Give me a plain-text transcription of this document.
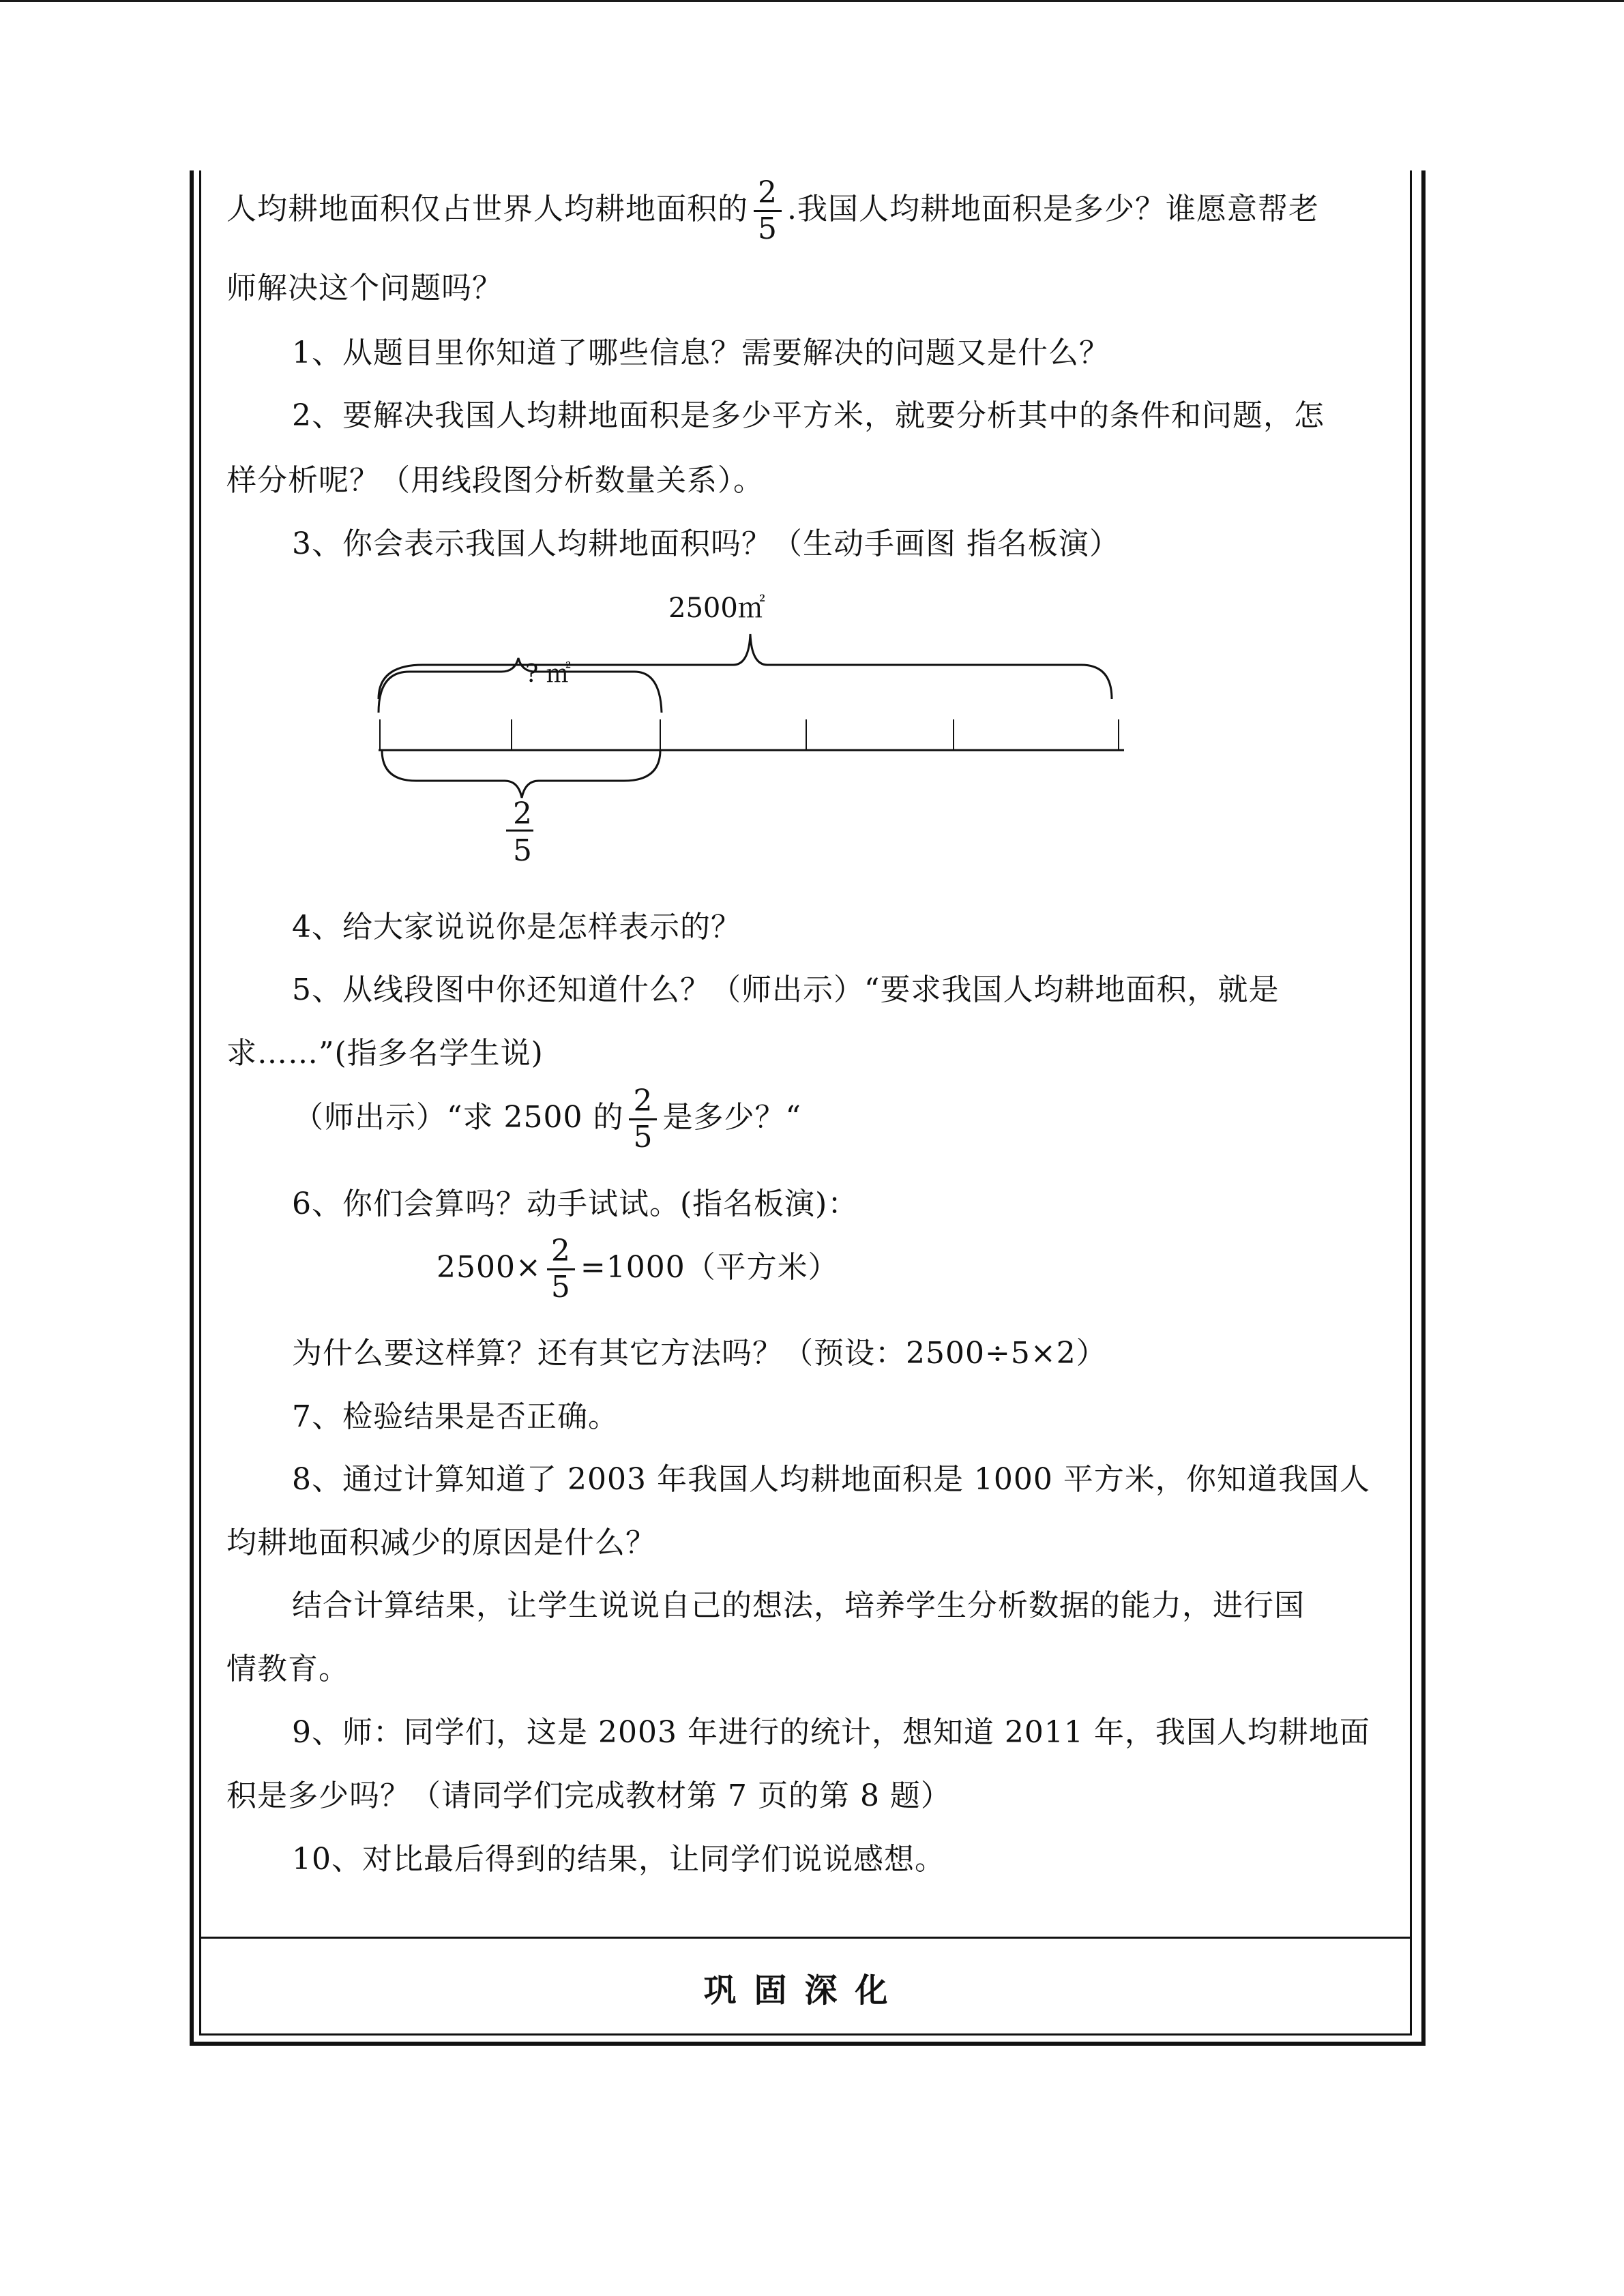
人均耕地面积仅占世界人均耕地面积的 $\frac{2}{5}$ .我国人均耕地面积是多少？谁愿意帮老
师解决这个问题吗？
1、从题目里你知道了哪些信息？需要解决的问题又是什么？
2、要解决我国人均耕地面积是多少平方米，就要分析其中的条件和问题，怎
样分析呢？（用线段图分析数量关系）。
3、你会表示我国人均耕地面积吗？（生动手画图 指名板演）
2500㎡
? ㎡
2
5
4、给大家说说你是怎样表示的？
5、从线段图中你还知道什么？（师出示）“要求我国人均耕地面积，就是
求……”(指多名学生说)
（师出示）“求 2500 的 $\frac{2}{5}$ 是多少？“
6、你们会算吗？动手试试。(指名板演)：
$2500\times \frac{2}{5} =1000$（平方米）
为什么要这样算？还有其它方法吗？（预设：2500÷5×2）
7、检验结果是否正确。
8、通过计算知道了 2003 年我国人均耕地面积是 1000 平方米，你知道我国人
均耕地面积减少的原因是什么？
结合计算结果，让学生说说自己的想法，培养学生分析数据的能力，进行国
情教育。
9、师：同学们，这是 2003 年进行的统计，想知道 2011 年，我国人均耕地面
积是多少吗？（请同学们完成教材第 7 页的第 8 题）
10、对比最后得到的结果，让同学们说说感想。
巩固深化
